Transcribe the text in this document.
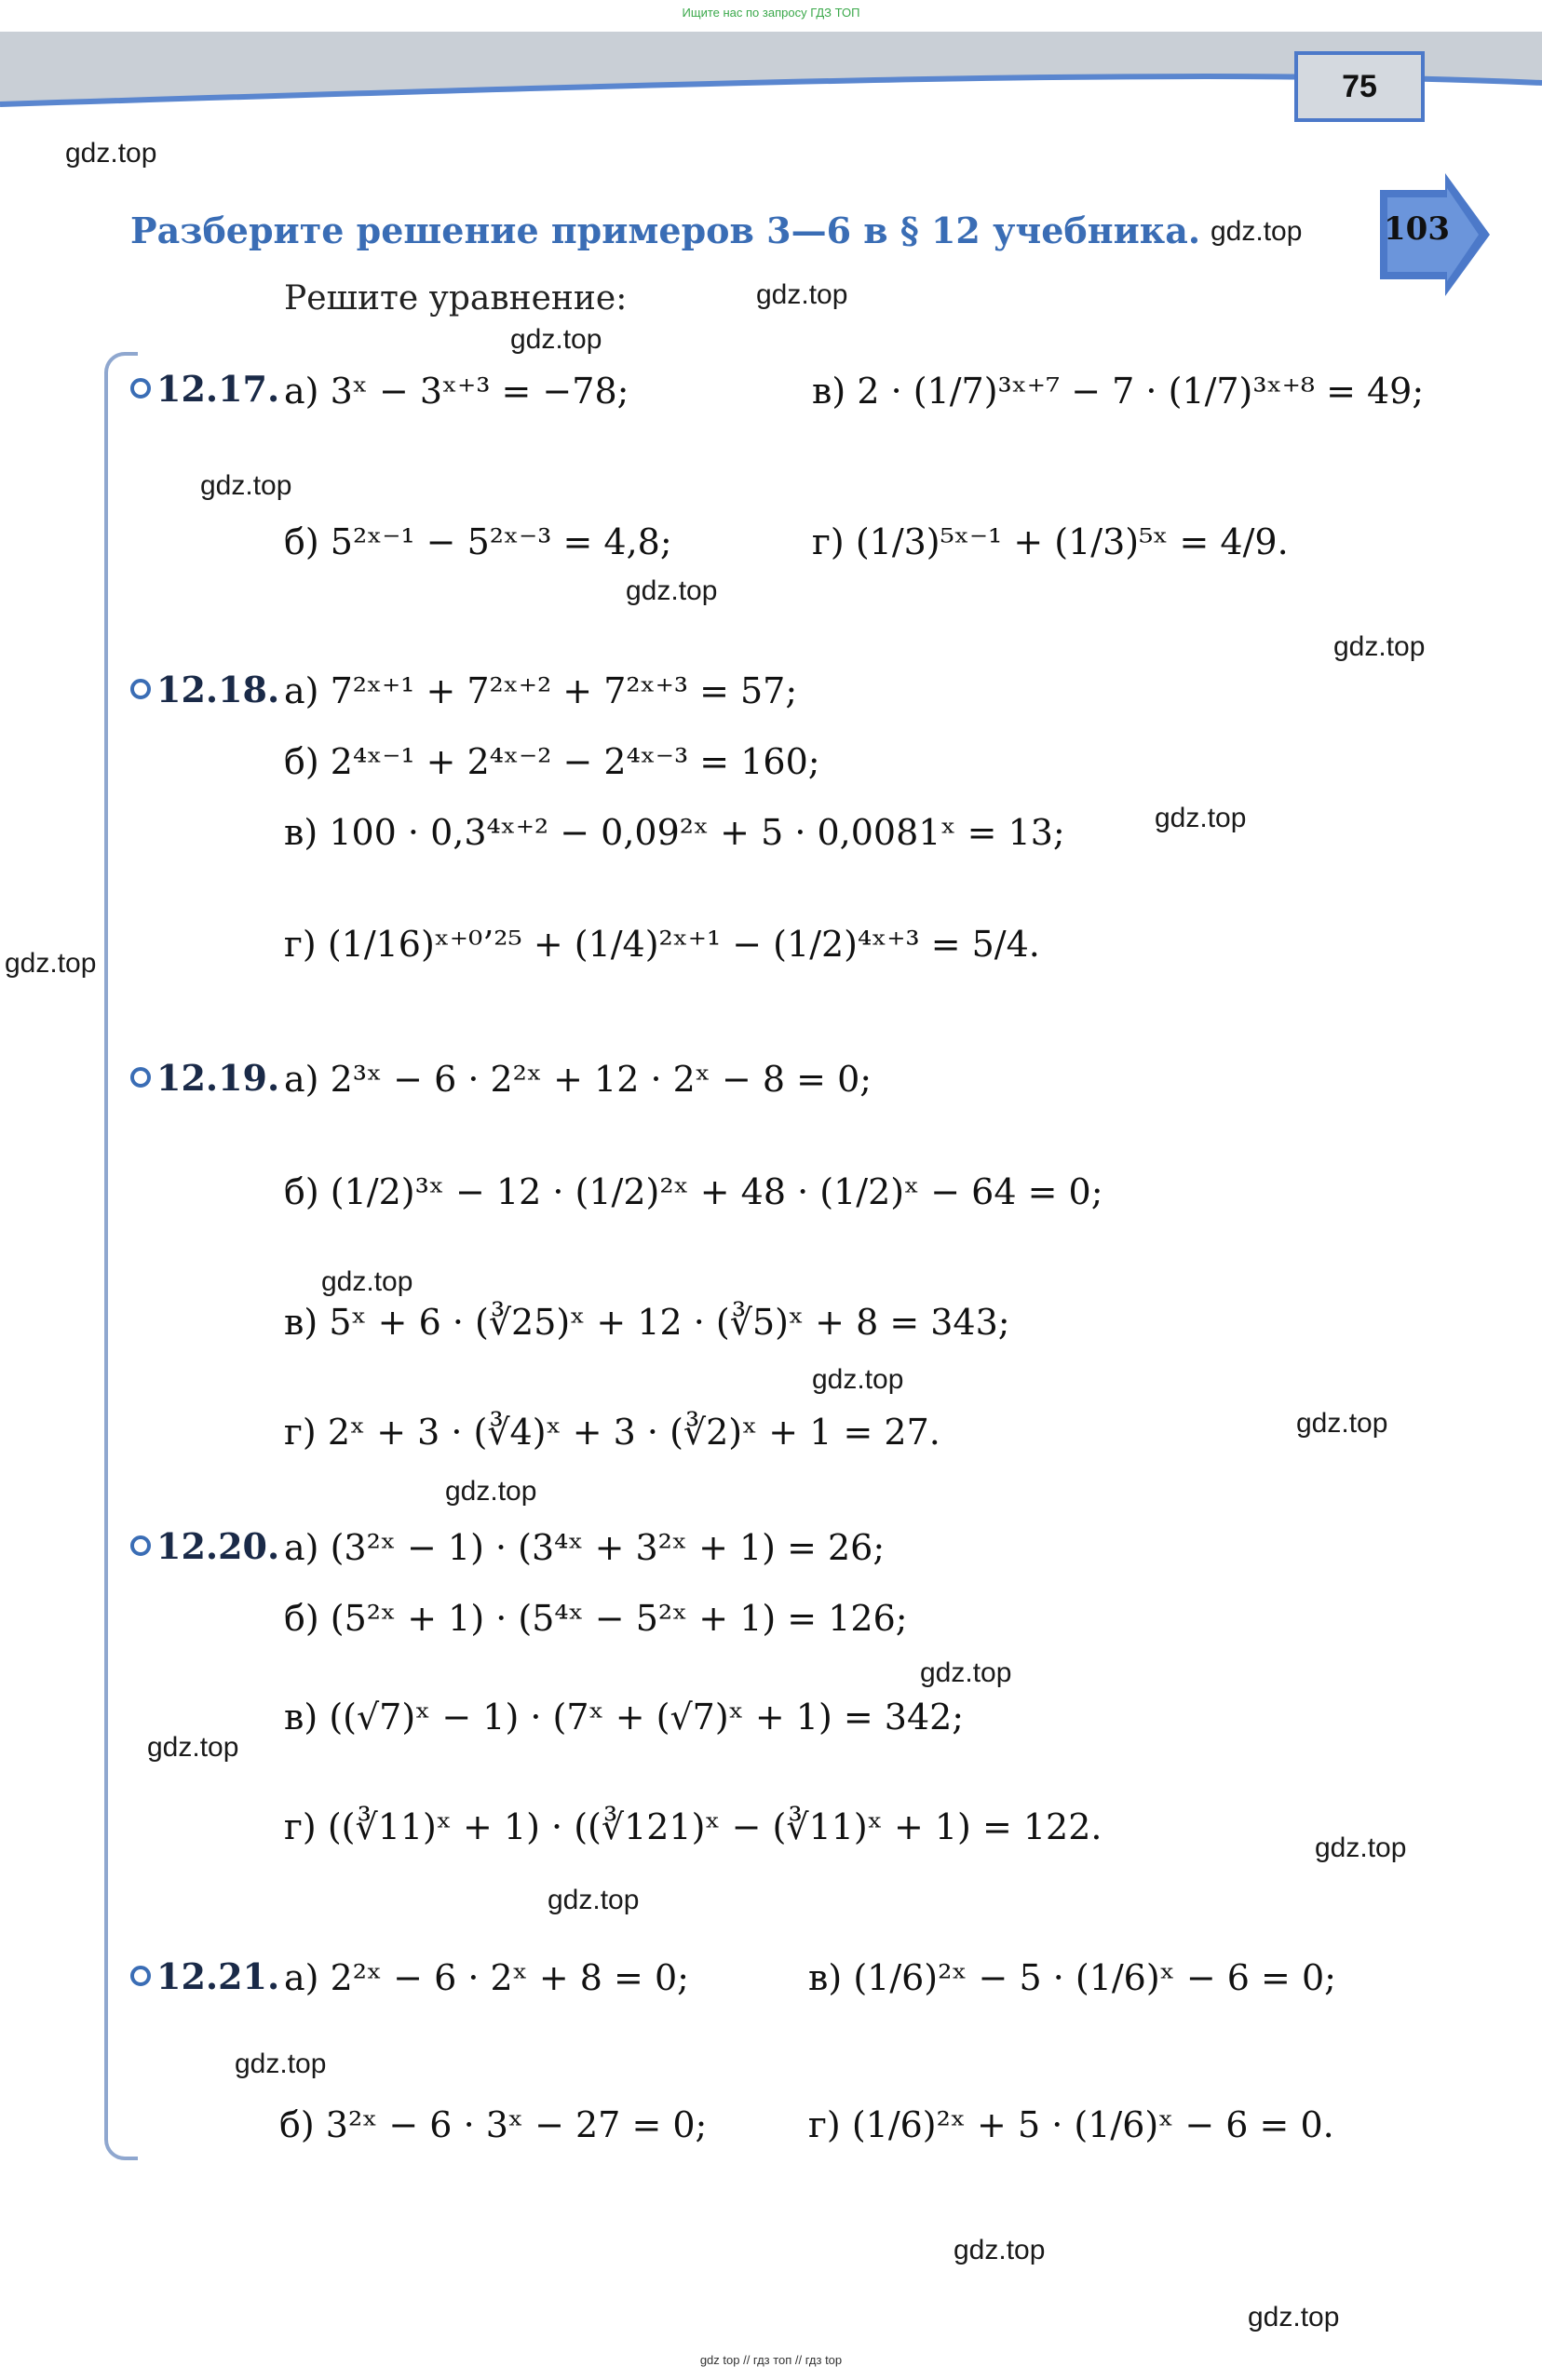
Ищите нас по запросу ГДЗ ТОП
75
gdz.top
Разберите решение примеров 3—6 в § 12 учебника. gdz.top	103
Решите уравнение:	gdz.top
gdz.top
12.17. а) 3ˣ − 3ˣ⁺³ = −78;	в) 2 · (1/7)³ˣ⁺⁷ − 7 · (1/7)³ˣ⁺⁸ = 49;
gdz.top
б) 5²ˣ⁻¹ − 5²ˣ⁻³ = 4,8;	г) (1/3)⁵ˣ⁻¹ + (1/3)⁵ˣ = 4/9.
gdz.top
gdz.top
12.18. а) 7²ˣ⁺¹ + 7²ˣ⁺² + 7²ˣ⁺³ = 57;
б) 2⁴ˣ⁻¹ + 2⁴ˣ⁻² − 2⁴ˣ⁻³ = 160;
в) 100 · 0,3⁴ˣ⁺² − 0,09²ˣ + 5 · 0,0081ˣ = 13;	gdz.top
gdz.top	г) (1/16)ˣ⁺⁰’²⁵ + (1/4)²ˣ⁺¹ − (1/2)⁴ˣ⁺³ = 5/4.
12.19. а) 2³ˣ − 6 · 2²ˣ + 12 · 2ˣ − 8 = 0;
б) (1/2)³ˣ − 12 · (1/2)²ˣ + 48 · (1/2)ˣ − 64 = 0;
gdz.top
в) 5ˣ + 6 · (∛25)ˣ + 12 · (∛5)ˣ + 8 = 343;
gdz.top
gdz.top
г) 2ˣ + 3 · (∛4)ˣ + 3 · (∛2)ˣ + 1 = 27.
gdz.top
12.20. а) (3²ˣ − 1) · (3⁴ˣ + 3²ˣ + 1) = 26;
б) (5²ˣ + 1) · (5⁴ˣ − 5²ˣ + 1) = 126;
gdz.top
в) ((√7)ˣ − 1) · (7ˣ + (√7)ˣ + 1) = 342;
gdz.top
г) ((∛11)ˣ + 1) · ((∛121)ˣ − (∛11)ˣ + 1) = 122.
gdz.top
gdz.top
12.21. а) 2²ˣ − 6 · 2ˣ + 8 = 0;	в) (1/6)²ˣ − 5 · (1/6)ˣ − 6 = 0;
gdz.top
б) 3²ˣ − 6 · 3ˣ − 27 = 0;	г) (1/6)²ˣ + 5 · (1/6)ˣ − 6 = 0.
gdz.top
gdz.top
gdz top // гдз топ // гдз top
